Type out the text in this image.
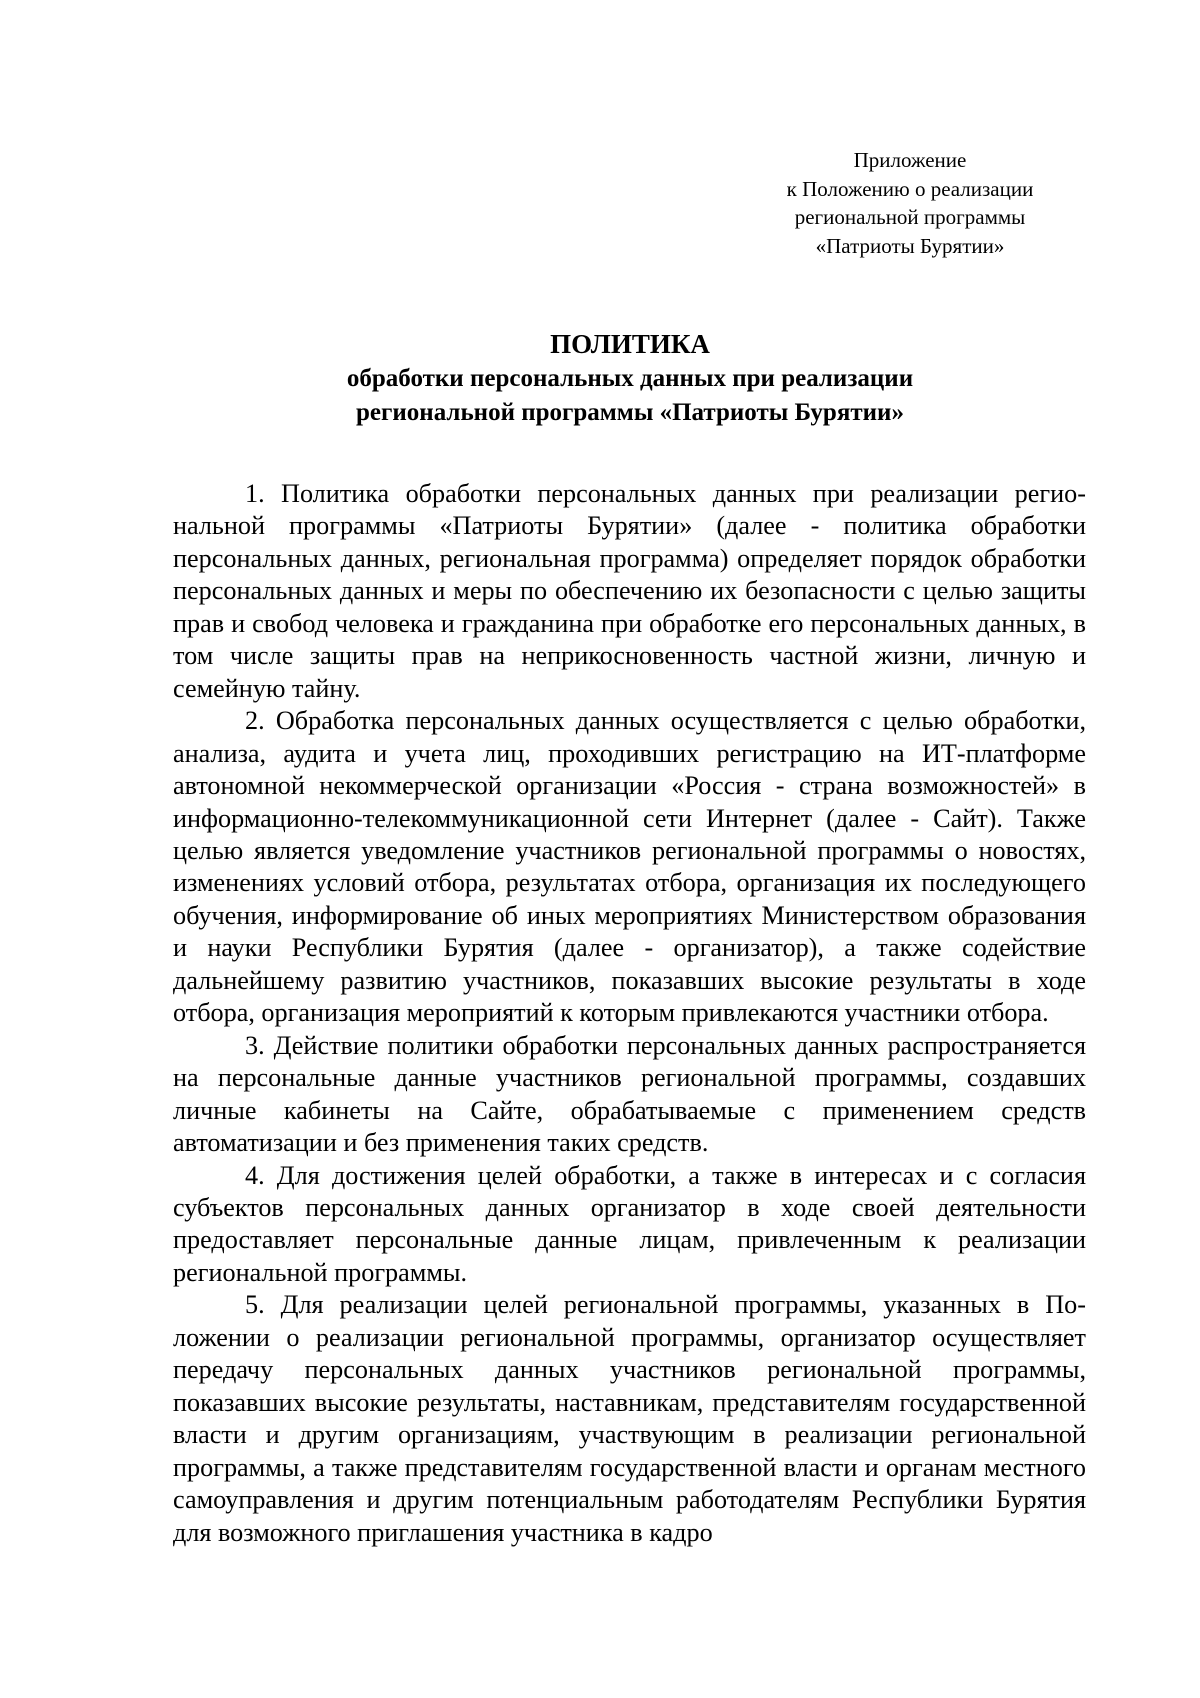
Приложение
к Положению о реализации
региональной программы
«Патриоты Бурятии»
ПОЛИТИКА
обработки персональных данных при реализации
региональной программы «Патриоты Бурятии»

1. Политика обработки персональных данных при реализации региональной программы «Патриоты Бурятии» (далее - политика обработки персональных данных, региональная программа) определяет порядок обработки персональных данных и меры по обеспечению их безопасности с целью защиты прав и свобод человека и гражданина при обработке его персональных данных, в том числе защиты прав на неприкосновенность частной жизни, личную и семейную тайну.

2. Обработка персональных данных осуществляется с целью обработки, анализа, аудита и учета лиц, проходивших регистрацию на ИТ-платформе автономной некоммерческой организации «Россия - страна возможностей» в информационно-телекоммуникационной сети Интернет (далее - Сайт). Также целью является уведомление участников региональной программы о новостях, изменениях условий отбора, результатах отбора, организация их последующего обучения, информирование об иных мероприятиях Министерством образования и науки Республики Бурятия (далее - организатор), а также содействие дальнейшему развитию участников, показавших высокие результаты в ходе отбора, организация мероприятий к которым привлекаются участники отбора.

3. Действие политики обработки персональных данных распространяется на персональные данные участников региональной программы, создавших личные кабинеты на Сайте, обрабатываемые с применением средств автоматизации и без применения таких средств.

4. Для достижения целей обработки, а также в интересах и с согласия субъектов персональных данных организатор в ходе своей деятельности предоставляет персональные данные лицам, привлеченным к реализации региональной программы.

5. Для реализации целей региональной программы, указанных в Положении о реализации региональной программы, организатор осуществляет передачу персональных данных участников региональной программы, показавших высокие результаты, наставникам, представителям государственной власти и другим организациям, участвующим в реализации региональной программы, а также представителям государственной власти и органам местного самоуправления и другим потенциальным работодателям Республики Бурятия для возможного приглашения участника в кадро
